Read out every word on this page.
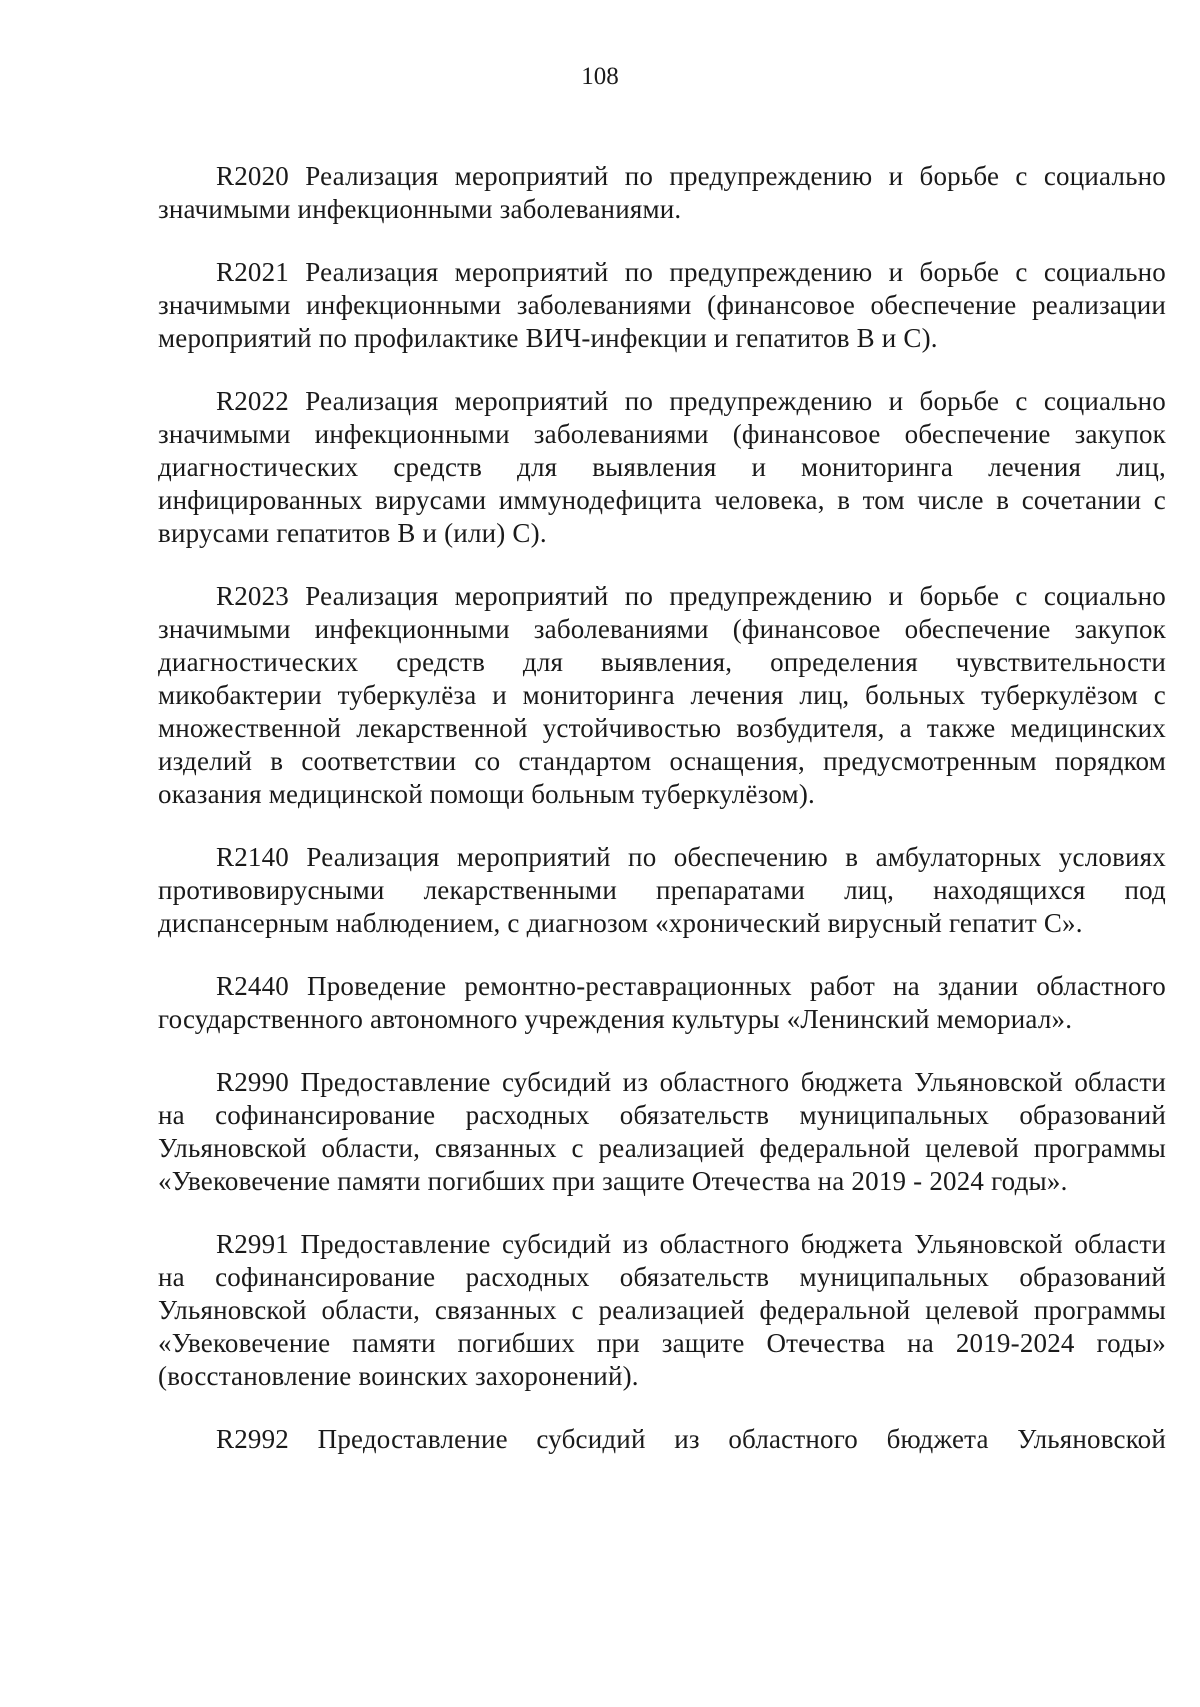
108

R2020 Реализация мероприятий по предупреждению и борьбе с социально значимыми инфекционными заболеваниями.

R2021 Реализация мероприятий по предупреждению и борьбе с социально значимыми инфекционными заболеваниями (финансовое обеспечение реализации мероприятий по профилактике ВИЧ-инфекции и гепатитов В и С).

R2022 Реализация мероприятий по предупреждению и борьбе с социально значимыми инфекционными заболеваниями (финансовое обеспечение закупок диагностических средств для выявления и мониторинга лечения лиц, инфицированных вирусами иммунодефицита человека, в том числе в сочетании с вирусами гепатитов В и (или) С).

R2023 Реализация мероприятий по предупреждению и борьбе с социально значимыми инфекционными заболеваниями (финансовое обеспечение закупок диагностических средств для выявления, определения чувствительности микобактерии туберкулёза и мониторинга лечения лиц, больных туберкулёзом с множественной лекарственной устойчивостью возбудителя, а также медицинских изделий в соответствии со стандартом оснащения, предусмотренным порядком оказания медицинской помощи больным туберкулёзом).

R2140 Реализация мероприятий по обеспечению в амбулаторных условиях противовирусными лекарственными препаратами лиц, находящихся под диспансерным наблюдением, с диагнозом «хронический вирусный гепатит С».

R2440 Проведение ремонтно-реставрационных работ на здании областного государственного автономного учреждения культуры «Ленинский мемориал».

R2990 Предоставление субсидий из областного бюджета Ульяновской области на софинансирование расходных обязательств муниципальных образований Ульяновской области, связанных с реализацией федеральной целевой программы «Увековечение памяти погибших при защите Отечества на 2019 - 2024 годы».

R2991 Предоставление субсидий из областного бюджета Ульяновской области на софинансирование расходных обязательств муниципальных образований Ульяновской области, связанных с реализацией федеральной целевой программы «Увековечение памяти погибших при защите Отечества на 2019-2024 годы» (восстановление воинских захоронений).

R2992 Предоставление субсидий из областного бюджета Ульяновской
